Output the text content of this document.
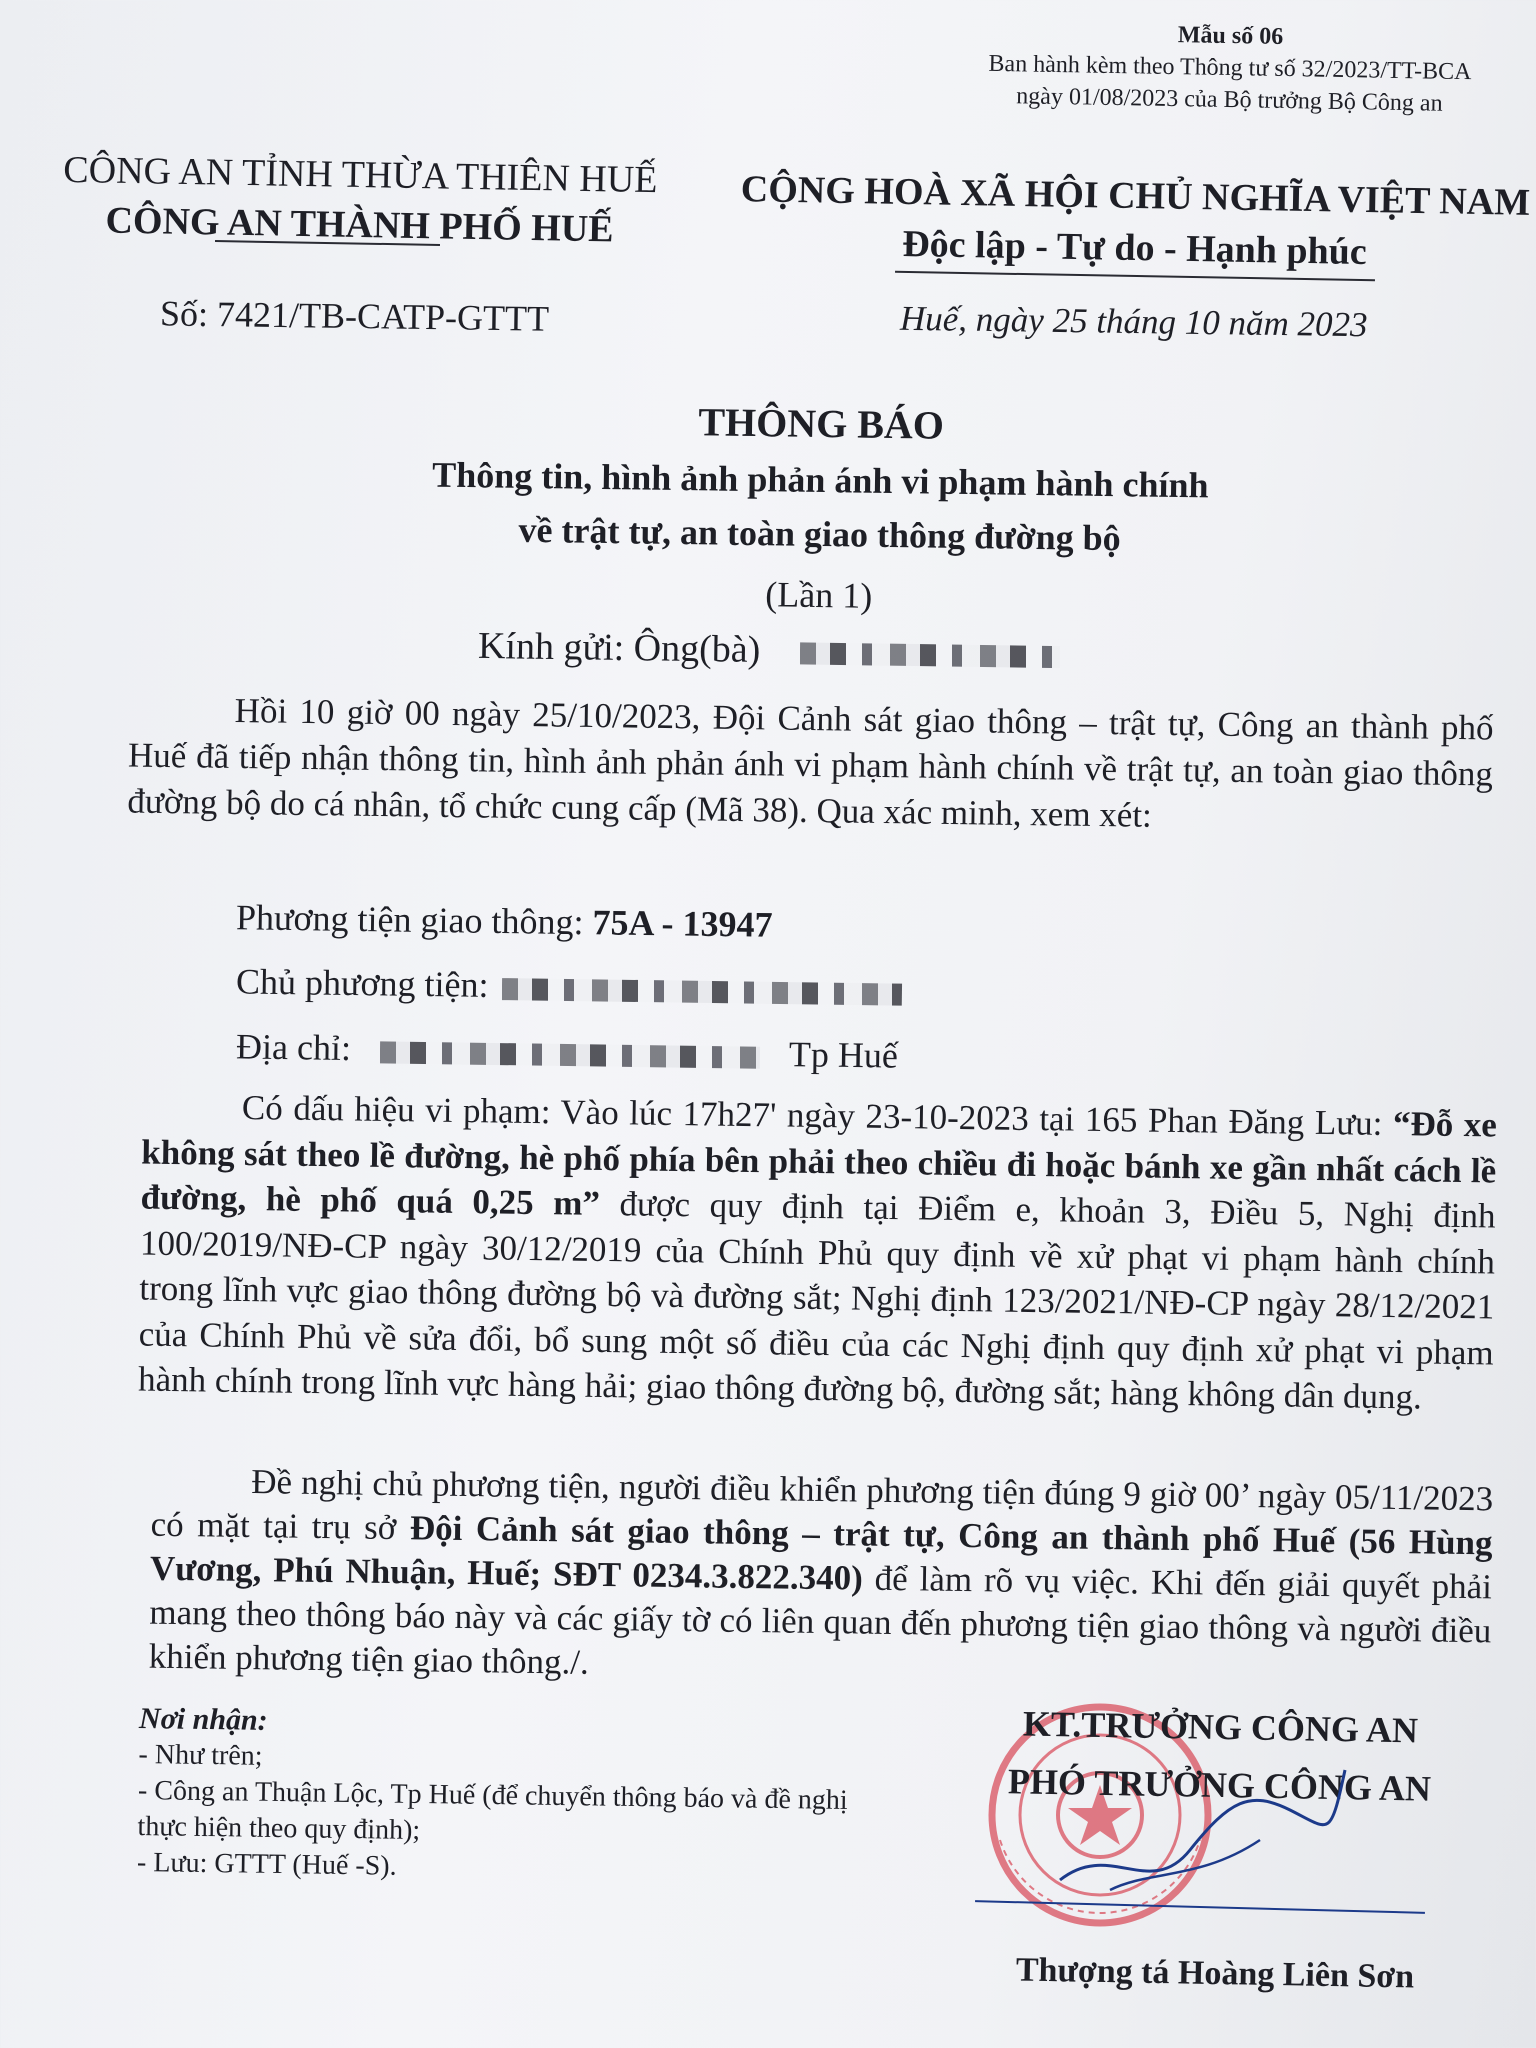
Mẫu số 06
Ban hành kèm theo Thông tư số 32/2023/TT-BCA
ngày 01/08/2023 của Bộ trưởng Bộ Công an
CÔNG AN TỈNH THỪA THIÊN HUẾ
CÔNG AN THÀNH PHỐ HUẾ
CỘNG HOÀ XÃ HỘI CHỦ NGHĨA VIỆT NAM
Độc lập - Tự do - Hạnh phúc
Số: 7421/TB-CATP-GTTT	Huế, ngày 25 tháng 10 năm 2023
THÔNG BÁO
Thông tin, hình ảnh phản ánh vi phạm hành chính
về trật tự, an toàn giao thông đường bộ
(Lần 1)
Kính gửi: Ông(bà)
Hồi 10 giờ 00 ngày 25/10/2023, Đội Cảnh sát giao thông – trật tự, Công an thành phố Huế đã tiếp nhận thông tin, hình ảnh phản ánh vi phạm hành chính về trật tự, an toàn giao thông đường bộ do cá nhân, tổ chức cung cấp (Mã 38). Qua xác minh, xem xét:
Phương tiện giao thông: 75A - 13947
Chủ phương tiện:
Địa chỉ:	Tp Huế
Có dấu hiệu vi phạm: Vào lúc 17h27' ngày 23-10-2023 tại 165 Phan Đăng Lưu: “Đỗ xe không sát theo lề đường, hè phố phía bên phải theo chiều đi hoặc bánh xe gần nhất cách lề đường, hè phố quá 0,25 m” được quy định tại Điểm e, khoản 3, Điều 5, Nghị định 100/2019/NĐ-CP ngày 30/12/2019 của Chính Phủ quy định về xử phạt vi phạm hành chính trong lĩnh vực giao thông đường bộ và đường sắt; Nghị định 123/2021/NĐ-CP ngày 28/12/2021 của Chính Phủ về sửa đổi, bổ sung một số điều của các Nghị định quy định xử phạt vi phạm hành chính trong lĩnh vực hàng hải; giao thông đường bộ, đường sắt; hàng không dân dụng.
Đề nghị chủ phương tiện, người điều khiển phương tiện đúng 9 giờ 00’ ngày 05/11/2023 có mặt tại trụ sở Đội Cảnh sát giao thông – trật tự, Công an thành phố Huế (56 Hùng Vương, Phú Nhuận, Huế; SĐT 0234.3.822.340) để làm rõ vụ việc. Khi đến giải quyết phải mang theo thông báo này và các giấy tờ có liên quan đến phương tiện giao thông và người điều khiển phương tiện giao thông./.
Nơi nhận:
- Như trên;
- Công an Thuận Lộc, Tp Huế (để chuyển thông báo và đề nghị thực hiện theo quy định);
- Lưu: GTTT (Huế -S).
KT.TRƯỞNG CÔNG AN
PHÓ TRƯỞNG CÔNG AN
Thượng tá Hoàng Liên Sơn
